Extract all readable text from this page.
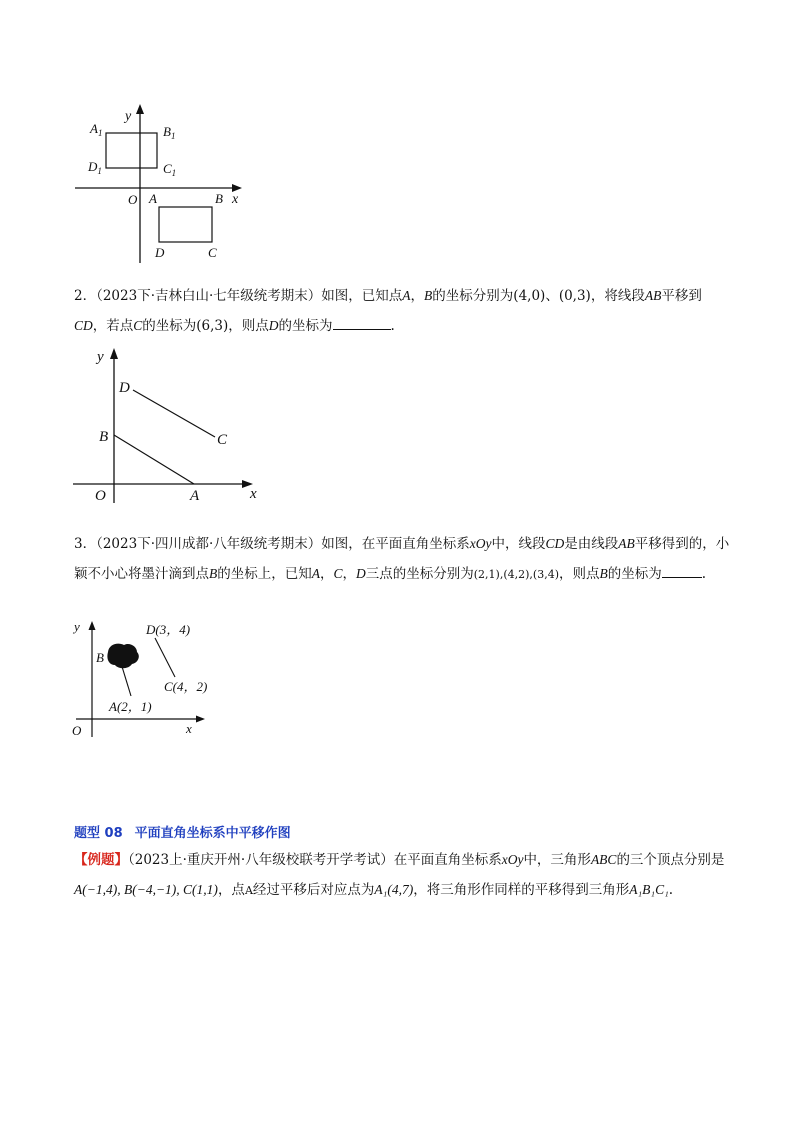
y
x
O
$A_1$	$B_1$
$D_1$	$C_1$
A	B
D	C
2．（2023下·吉林白山·七年级统考期末）如图，已知点A，B的坐标分别为(4,0)、(0,3)，将线段AB平移到CD，若点C的坐标为(6,3)，则点D的坐标为	.
y
x
O
B
A
D
C
3．（2023下·四川成都·八年级统考期末）如图，在平面直角坐标系xOy中，线段CD是由线段AB平移得到的，小颖不小心将墨汁滴到点B的坐标上，已知A，C，D三点的坐标分别为(2,1),(4,2),(3,4)，则点B的坐标为	.
y
x
O
B
D(3，4)
C(4，2)
A(2，1)
题型 08 平面直角坐标系中平移作图
【例题】（2023上·重庆开州·八年级校联考开学考试）在平面直角坐标系xOy中，三角形ABC的三个顶点分别是A(−1,4), B(−4,−1), C(1,1)，点A经过平移后对应点为A₁(4,7)，将三角形作同样的平移得到三角形A₁B₁C₁.
